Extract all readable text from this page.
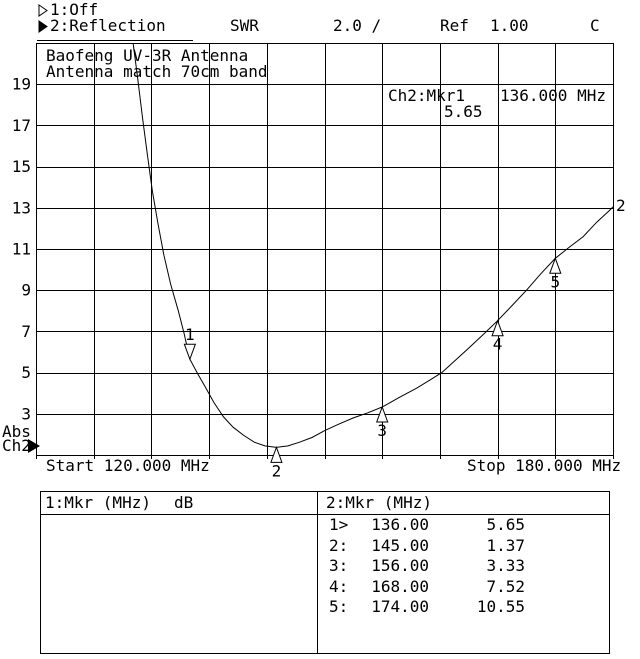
19
17
15
13
11
9
7
5
3
2
1
2
3
4
5
1:Off
2:Reflection	SWR	2.0 /	Ref 1.00	C
Baofeng UV-3R Antenna
Antenna match 70cm band
Ch2:Mkr1 136.000 MHz
5.65
Abs
Ch2
Start 120.000 MHz	Stop 180.000 MHz
1:Mkr (MHz) dB	2:Mkr (MHz)
1>	136.00	5.65
2:	145.00	1.37
3:	156.00	3.33
4:	168.00	7.52
5:	174.00	10.55
